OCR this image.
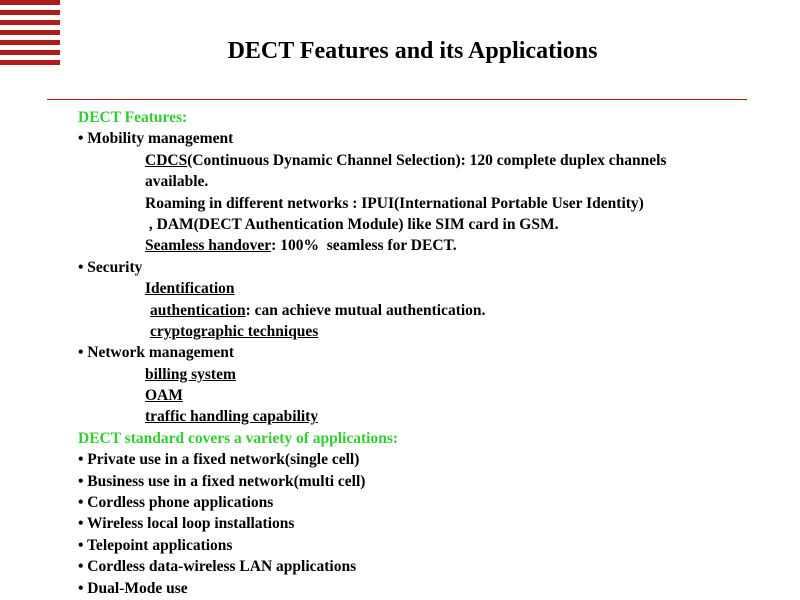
DECT Features and its Applications
DECT Features:
• Mobility management
CDCS(Continuous Dynamic Channel Selection): 120 complete duplex channels
available.
Roaming in different networks : IPUI(International Portable User Identity)
, DAM(DECT Authentication Module) like SIM card in GSM.
Seamless handover: 100%  seamless for DECT.
• Security
Identification
authentication: can achieve mutual authentication.
cryptographic techniques
• Network management
billing system
OAM
traffic handling capability
DECT standard covers a variety of applications:
• Private use in a fixed network(single cell)
• Business use in a fixed network(multi cell)
• Cordless phone applications
• Wireless local loop installations
• Telepoint applications
• Cordless data-wireless LAN applications
• Dual-Mode use
